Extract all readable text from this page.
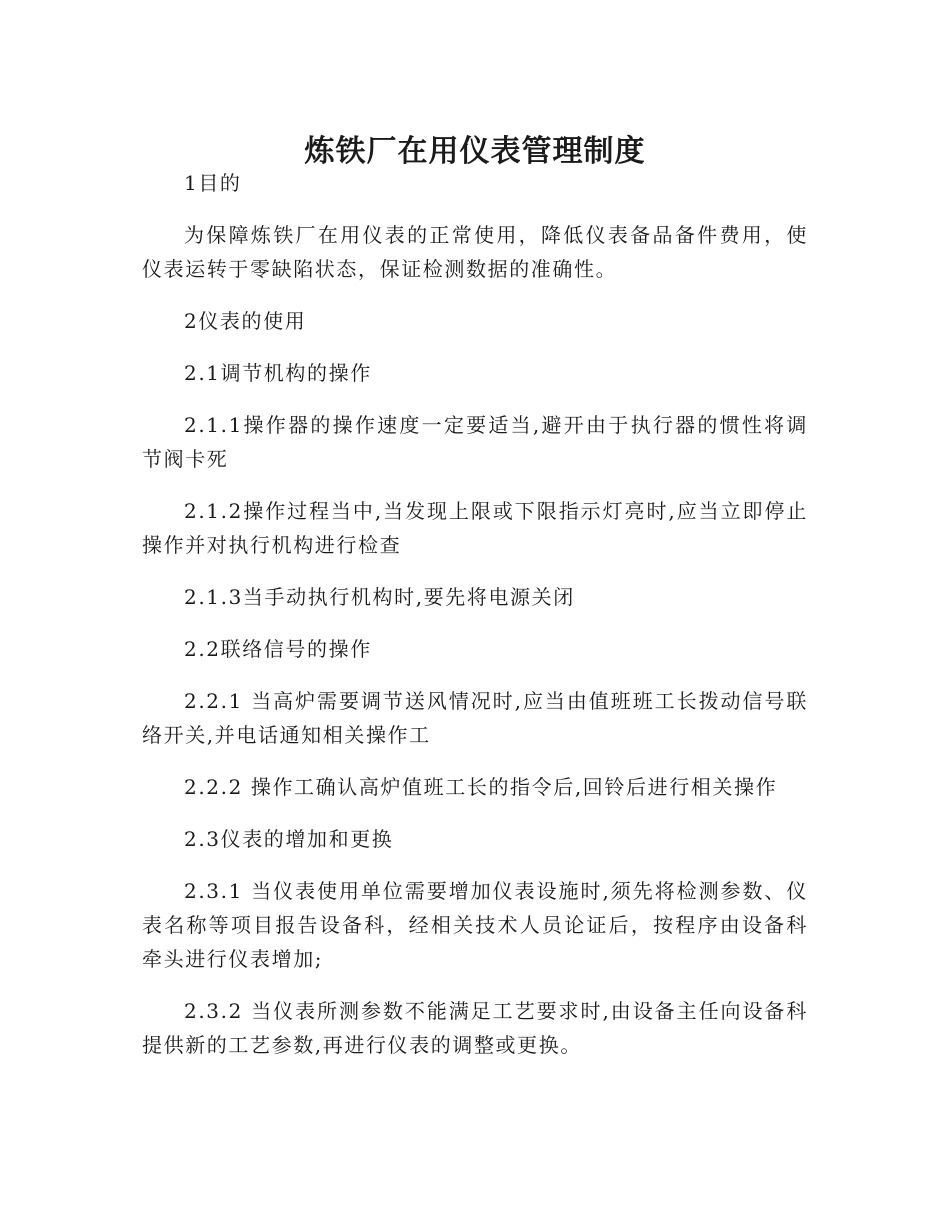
炼铁厂在用仪表管理制度

1目的

为保障炼铁厂在用仪表的正常使用，降低仪表备品备件费用，使仪表运转于零缺陷状态，保证检测数据的准确性。

2仪表的使用

2.1调节机构的操作

2.1.1操作器的操作速度一定要适当,避开由于执行器的惯性将调节阀卡死

2.1.2操作过程当中,当发现上限或下限指示灯亮时,应当立即停止操作并对执行机构进行检查

2.1.3当手动执行机构时,要先将电源关闭

2.2联络信号的操作

2.2.1 当高炉需要调节送风情况时,应当由值班班工长拨动信号联络开关,并电话通知相关操作工

2.2.2 操作工确认高炉值班工长的指令后,回铃后进行相关操作

2.3仪表的增加和更换

2.3.1 当仪表使用单位需要增加仪表设施时,须先将检测参数、仪表名称等项目报告设备科，经相关技术人员论证后，按程序由设备科牵头进行仪表增加;

2.3.2 当仪表所测参数不能满足工艺要求时,由设备主任向设备科提供新的工艺参数,再进行仪表的调整或更换。
